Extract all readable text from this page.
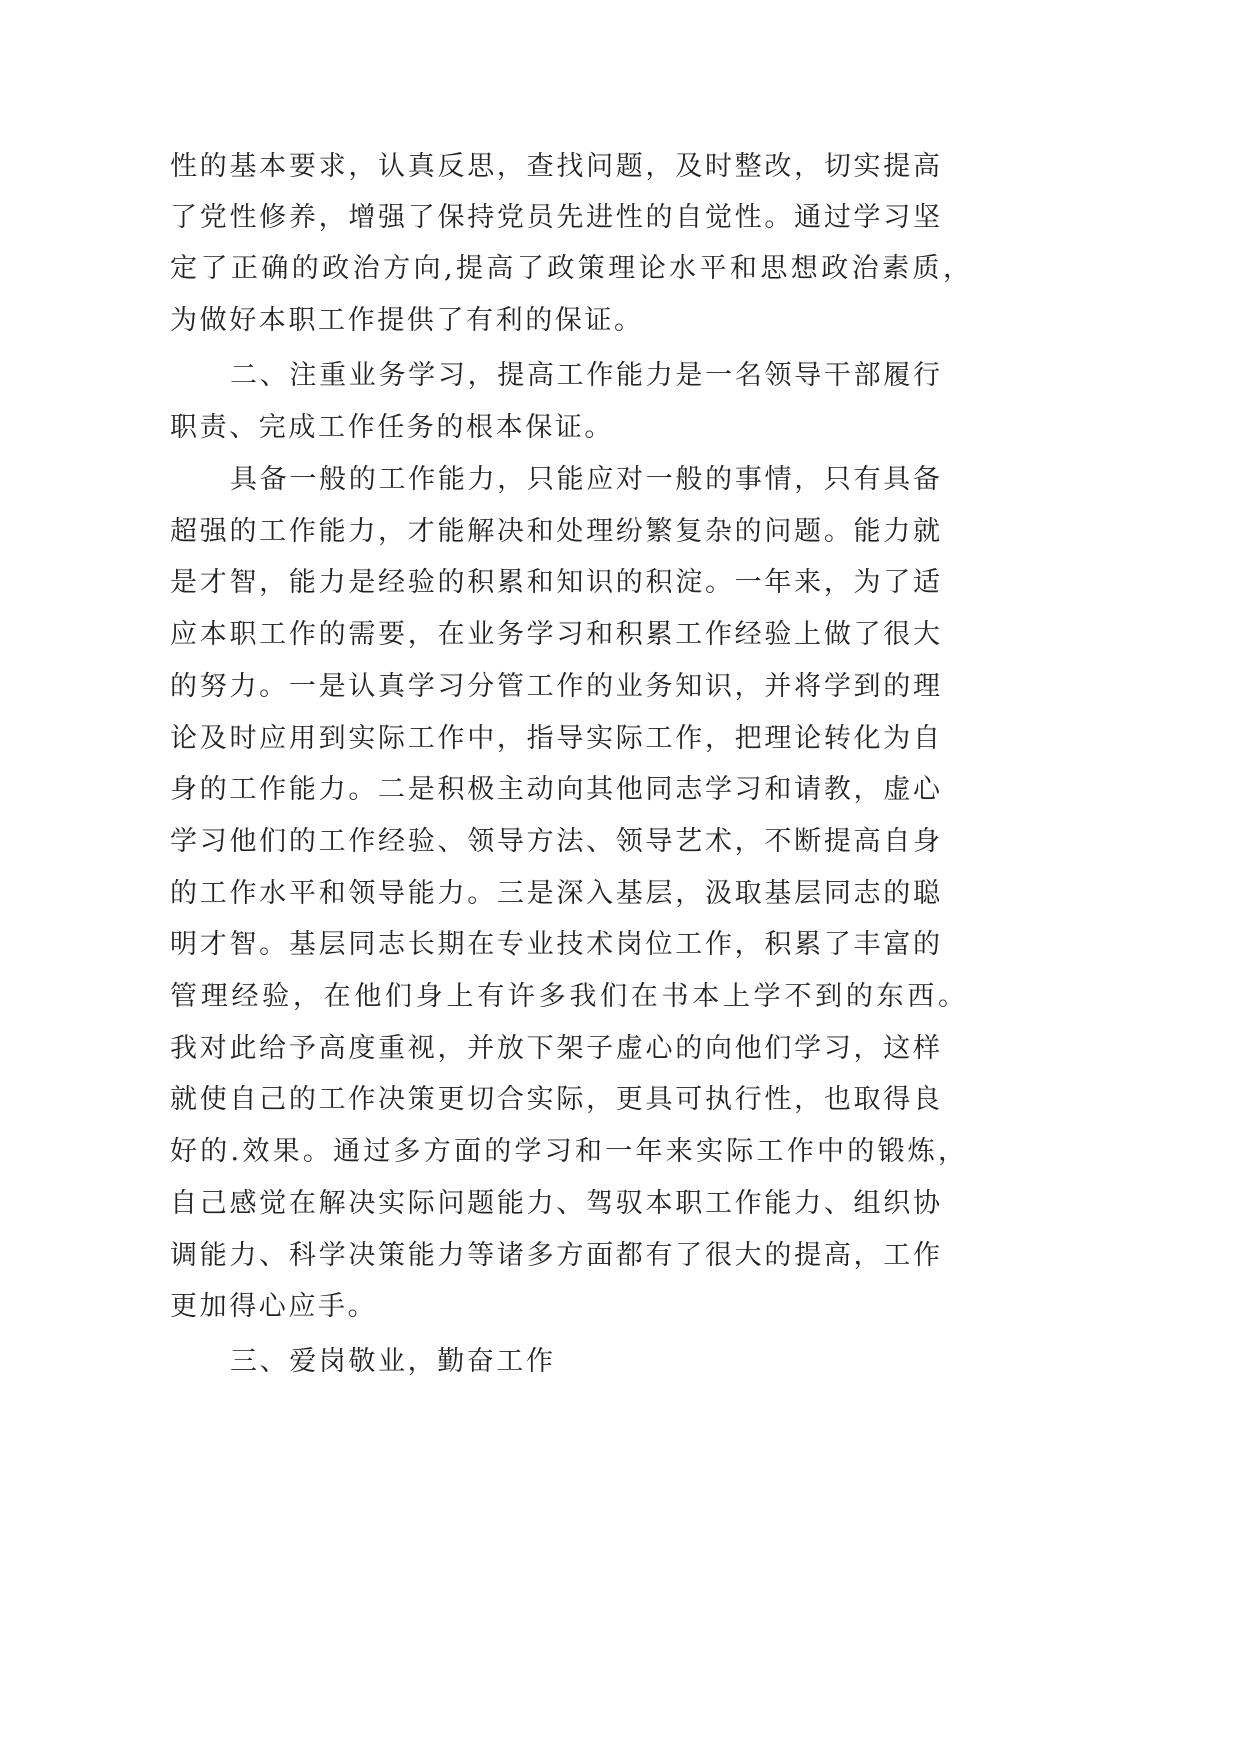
性的基本要求，认真反思，查找问题，及时整改，切实提高
了党性修养，增强了保持党员先进性的自觉性。通过学习坚
定了正确的政治方向,提高了政策理论水平和思想政治素质，
为做好本职工作提供了有利的保证。
二、注重业务学习，提高工作能力是一名领导干部履行
职责、完成工作任务的根本保证。
具备一般的工作能力，只能应对一般的事情，只有具备
超强的工作能力，才能解决和处理纷繁复杂的问题。能力就
是才智，能力是经验的积累和知识的积淀。一年来，为了适
应本职工作的需要，在业务学习和积累工作经验上做了很大
的努力。一是认真学习分管工作的业务知识，并将学到的理
论及时应用到实际工作中，指导实际工作，把理论转化为自
身的工作能力。二是积极主动向其他同志学习和请教，虚心
学习他们的工作经验、领导方法、领导艺术，不断提高自身
的工作水平和领导能力。三是深入基层，汲取基层同志的聪
明才智。基层同志长期在专业技术岗位工作，积累了丰富的
管理经验，在他们身上有许多我们在书本上学不到的东西。
我对此给予高度重视，并放下架子虚心的向他们学习，这样
就使自己的工作决策更切合实际，更具可执行性，也取得良
好的.效果。通过多方面的学习和一年来实际工作中的锻炼，
自己感觉在解决实际问题能力、驾驭本职工作能力、组织协
调能力、科学决策能力等诸多方面都有了很大的提高，工作
更加得心应手。
三、爱岗敬业，勤奋工作
